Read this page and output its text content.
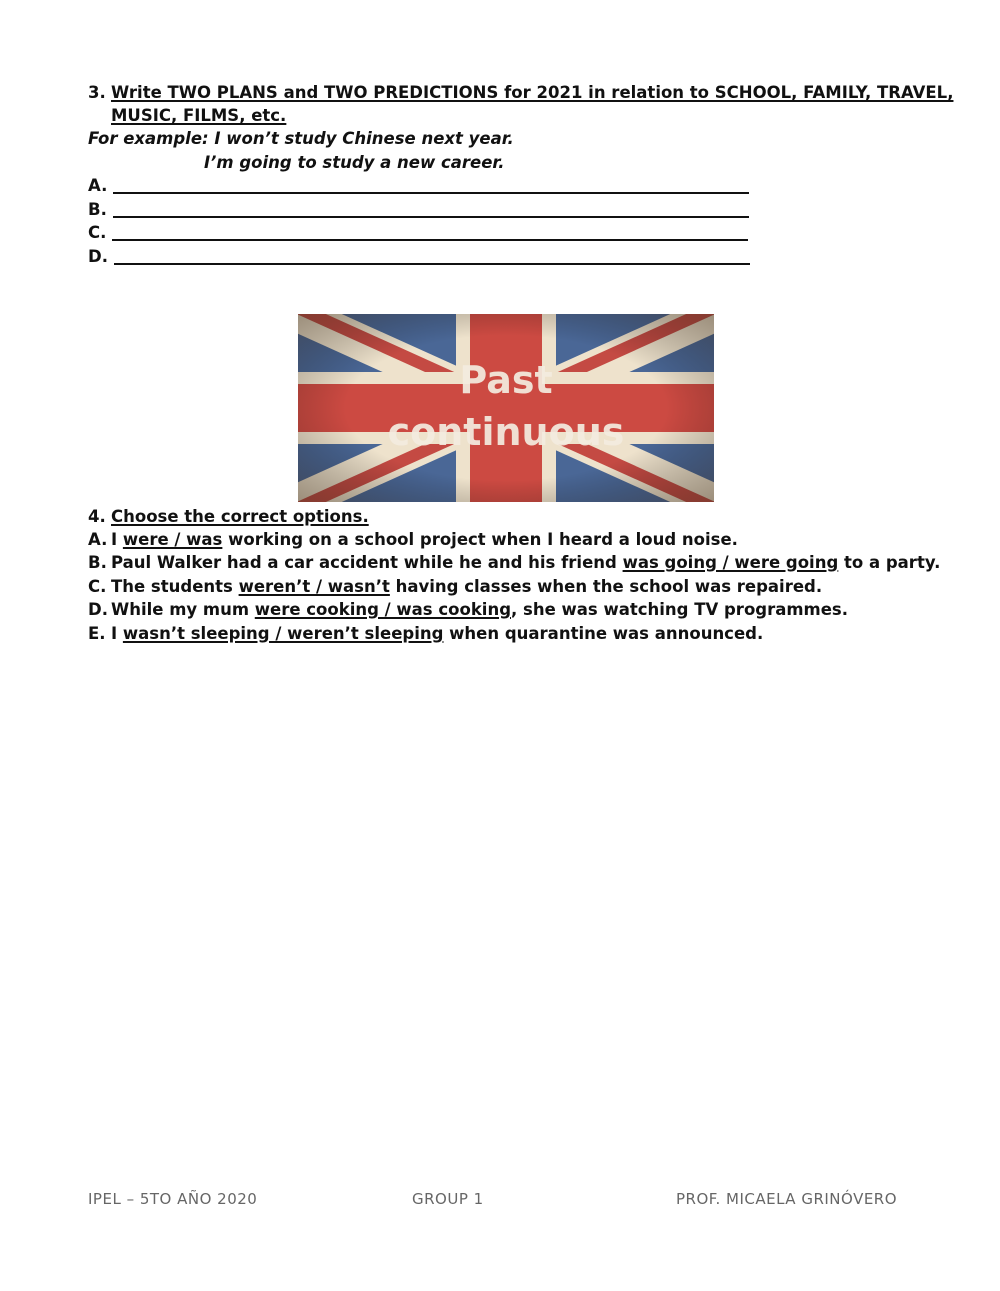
3. Write TWO PLANS and TWO PREDICTIONS for 2021 in relation to SCHOOL, FAMILY, TRAVEL,
MUSIC, FILMS, etc.
For example: I won’t study Chinese next year.
I’m going to study a new career.
A.
B.
C.
D.
Past
continuous
4. Choose the correct options.
A. I were / was working on a school project when I heard a loud noise.
B. Paul Walker had a car accident while he and his friend was going / were going to a party.
C. The students weren’t / wasn’t having classes when the school was repaired.
D. While my mum were cooking / was cooking, she was watching TV programmes.
E. I wasn’t sleeping / weren’t sleeping when quarantine was announced.
IPEL – 5TO AÑO 2020	GROUP 1	PROF. MICAELA GRINÓVERO
